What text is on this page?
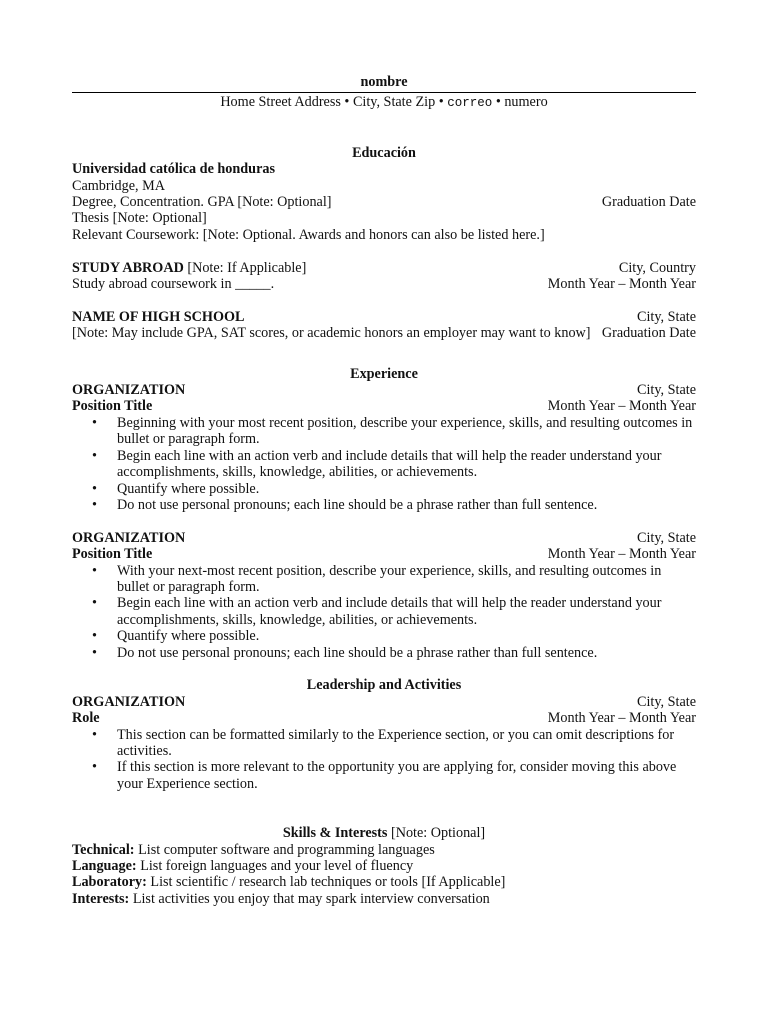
nombre
Home Street Address • City, State Zip • correo • numero
Educación
Universidad católica de honduras
Cambridge, MA
Degree, Concentration. GPA [Note: Optional]	Graduation Date
Thesis [Note: Optional]
Relevant Coursework: [Note: Optional. Awards and honors can also be listed here.]
STUDY ABROAD [Note: If Applicable]	City, Country
Study abroad coursework in _____.	Month Year – Month Year
NAME OF HIGH SCHOOL	City, State
[Note: May include GPA, SAT scores, or academic honors an employer may want to know] Graduation Date
Experience
ORGANIZATION	City, State
Position Title	Month Year – Month Year
• Beginning with your most recent position, describe your experience, skills, and resulting outcomes in bullet or paragraph form.
• Begin each line with an action verb and include details that will help the reader understand your accomplishments, skills, knowledge, abilities, or achievements.
• Quantify where possible.
• Do not use personal pronouns; each line should be a phrase rather than full sentence.
ORGANIZATION	City, State
Position Title	Month Year – Month Year
• With your next-most recent position, describe your experience, skills, and resulting outcomes in bullet or paragraph form.
• Begin each line with an action verb and include details that will help the reader understand your accomplishments, skills, knowledge, abilities, or achievements.
• Quantify where possible.
• Do not use personal pronouns; each line should be a phrase rather than full sentence.
Leadership and Activities
ORGANIZATION	City, State
Role	Month Year – Month Year
• This section can be formatted similarly to the Experience section, or you can omit descriptions for activities.
• If this section is more relevant to the opportunity you are applying for, consider moving this above your Experience section.
Skills & Interests [Note: Optional]
Technical: List computer software and programming languages
Language: List foreign languages and your level of fluency
Laboratory: List scientific / research lab techniques or tools [If Applicable]
Interests: List activities you enjoy that may spark interview conversation
